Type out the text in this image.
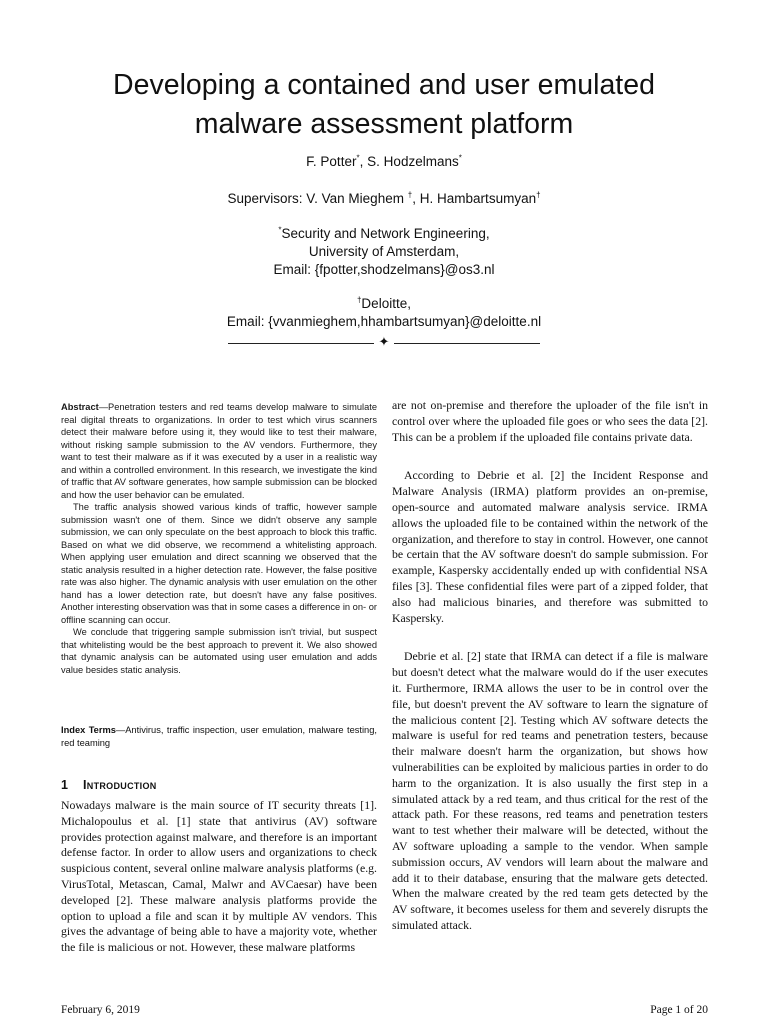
Developing a contained and user emulated
malware assessment platform
F. Potter*, S. Hodzelmans*
Supervisors: V. Van Mieghem †, H. Hambartsumyan†
*Security and Network Engineering,
University of Amsterdam,
Email: {fpotter,shodzelmans}@os3.nl
†Deloitte,
Email: {vvanmieghem,hhambartsumyan}@deloitte.nl
✦

Abstract—Penetration testers and red teams develop malware to simulate real digital threats to organizations. In order to test which virus scanners detect their malware before using it, they would like to test their malware, without risking sample submission to the AV vendors. Furthermore, they want to test their malware as if it was executed by a user in a realistic way and within a controlled environment. In this research, we investigate the kind of traffic that AV software generates, how sample submission can be blocked and how the user behavior can be emulated.

The traffic analysis showed various kinds of traffic, however sample submission wasn't one of them. Since we didn't observe any sample submission, we can only speculate on the best approach to block this traffic. Based on what we did observe, we recommend a whitelisting approach. When applying user emulation and direct scanning we observed that the static analysis resulted in a higher detection rate. However, the false positive rate was also higher. The dynamic analysis with user emulation on the other hand has a lower detection rate, but doesn't have any false positives. Another interesting observation was that in some cases a difference in on- or offline scanning can occur.

We conclude that triggering sample submission isn't trivial, but suspect that whitelisting would be the best approach to prevent it. We also showed that dynamic analysis can be automated using user emulation and adds value besides static analysis.

Index Terms—Antivirus, traffic inspection, user emulation, malware testing, red teaming
1 Introduction

Nowadays malware is the main source of IT security threats [1]. Michalopoulus et al. [1] state that antivirus (AV) software provides protection against malware, and therefore is an important defense factor. In order to allow users and organizations to check suspicious content, several online malware analysis platforms (e.g. VirusTotal, Metascan, Camal, Malwr and AVCaesar) have been developed [2]. These malware analysis platforms provide the option to upload a file and scan it by multiple AV vendors. This gives the advantage of being able to have a majority vote, whether the file is malicious or not. However, these malware platforms

are not on-premise and therefore the uploader of the file isn't in control over where the uploaded file goes or who sees the data [2]. This can be a problem if the uploaded file contains private data.

According to Debrie et al. [2] the Incident Response and Malware Analysis (IRMA) platform provides an on-premise, open-source and automated malware analysis service. IRMA allows the uploaded file to be contained within the network of the organization, and therefore to stay in control. However, one cannot be certain that the AV software doesn't do sample submission. For example, Kaspersky accidentally ended up with confidential NSA files [3]. These confidential files were part of a zipped folder, that also had malicious binaries, and therefore was submitted to Kaspersky.

Debrie et al. [2] state that IRMA can detect if a file is malware but doesn't detect what the malware would do if the user executes it. Furthermore, IRMA allows the user to be in control over the file, but doesn't prevent the AV software to learn the signature of the malicious content [2]. Testing which AV software detects the malware is useful for red teams and penetration testers, because their malware doesn't harm the organization, but shows how vulnerabilities can be exploited by malicious parties in order to do harm to the organization. It is also usually the first step in a simulated attack by a red team, and thus critical for the rest of the attack path. For these reasons, red teams and penetration testers want to test whether their malware will be detected, without the AV software uploading a sample to the vendor. When sample submission occurs, AV vendors will learn about the malware and add it to their database, ensuring that the malware gets detected. When the malware created by the red team gets detected by the AV software, it becomes useless for them and severely disrupts the simulated attack.

February 6, 2019	Page 1 of 20
